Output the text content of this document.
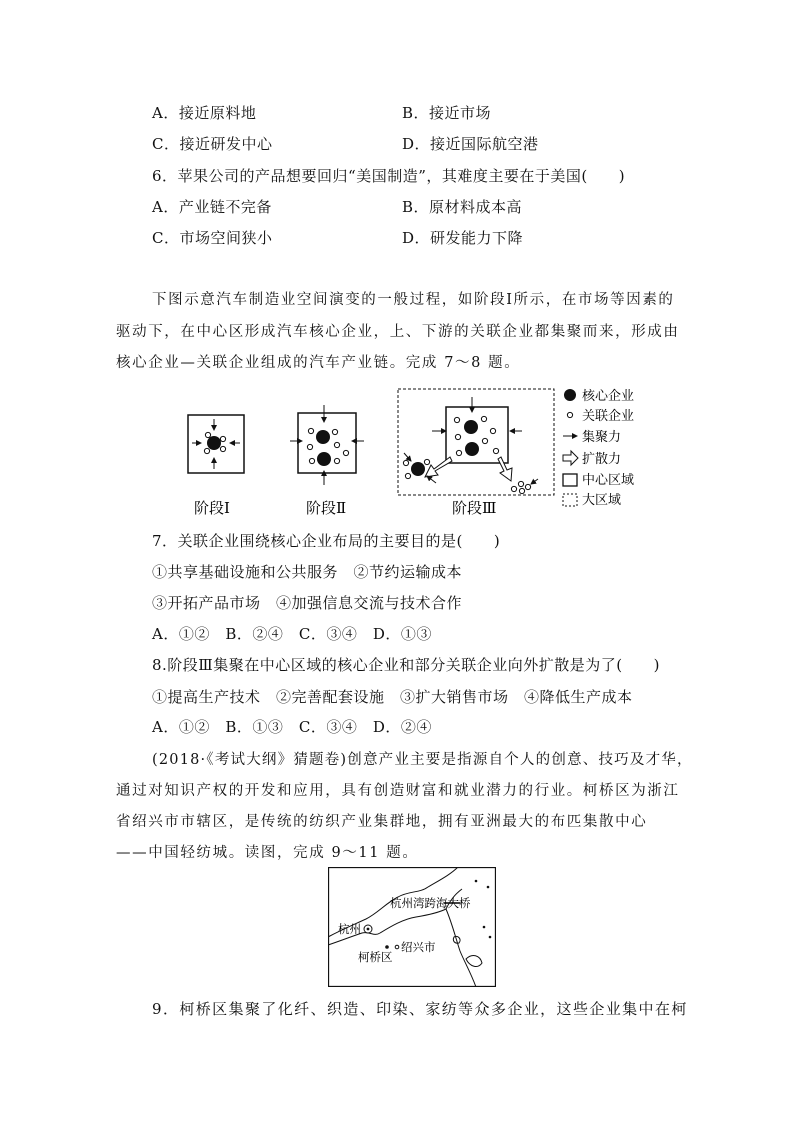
A．接近原料地	B．接近市场
C．接近研发中心	D．接近国际航空港
6．苹果公司的产品想要回归“美国制造”，其难度主要在于美国(　　)
A．产业链不完备	B．原材料成本高
C．市场空间狭小	D．研发能力下降
下图示意汽车制造业空间演变的一般过程，如阶段Ⅰ所示，在市场等因素的
驱动下，在中心区形成汽车核心企业，上、下游的关联企业都集聚而来，形成由
核心企业—关联企业组成的汽车产业链。完成 7～8 题。
阶段Ⅰ	阶段Ⅱ	阶段Ⅲ
核心企业
关联企业
集聚力
扩散力
中心区域
大区域
7．关联企业围绕核心企业布局的主要目的是(　　)
①共享基础设施和公共服务　②节约运输成本
③开拓产品市场　④加强信息交流与技术合作
A．①②　B．②④　C．③④　D．①③
8.阶段Ⅲ集聚在中心区域的核心企业和部分关联企业向外扩散是为了(　　)
①提高生产技术　②完善配套设施　③扩大销售市场　④降低生产成本
A．①②　B．①③　C．③④　D．②④
(2018·《考试大纲》猜题卷)创意产业主要是指源自个人的创意、技巧及才华，
通过对知识产权的开发和应用，具有创造财富和就业潜力的行业。柯桥区为浙江
省绍兴市市辖区，是传统的纺织产业集群地，拥有亚洲最大的布匹集散中心
——中国轻纺城。读图，完成 9～11 题。
杭州湾跨海大桥
杭州
柯桥区
绍兴市
9．柯桥区集聚了化纤、织造、印染、家纺等众多企业，这些企业集中在柯
